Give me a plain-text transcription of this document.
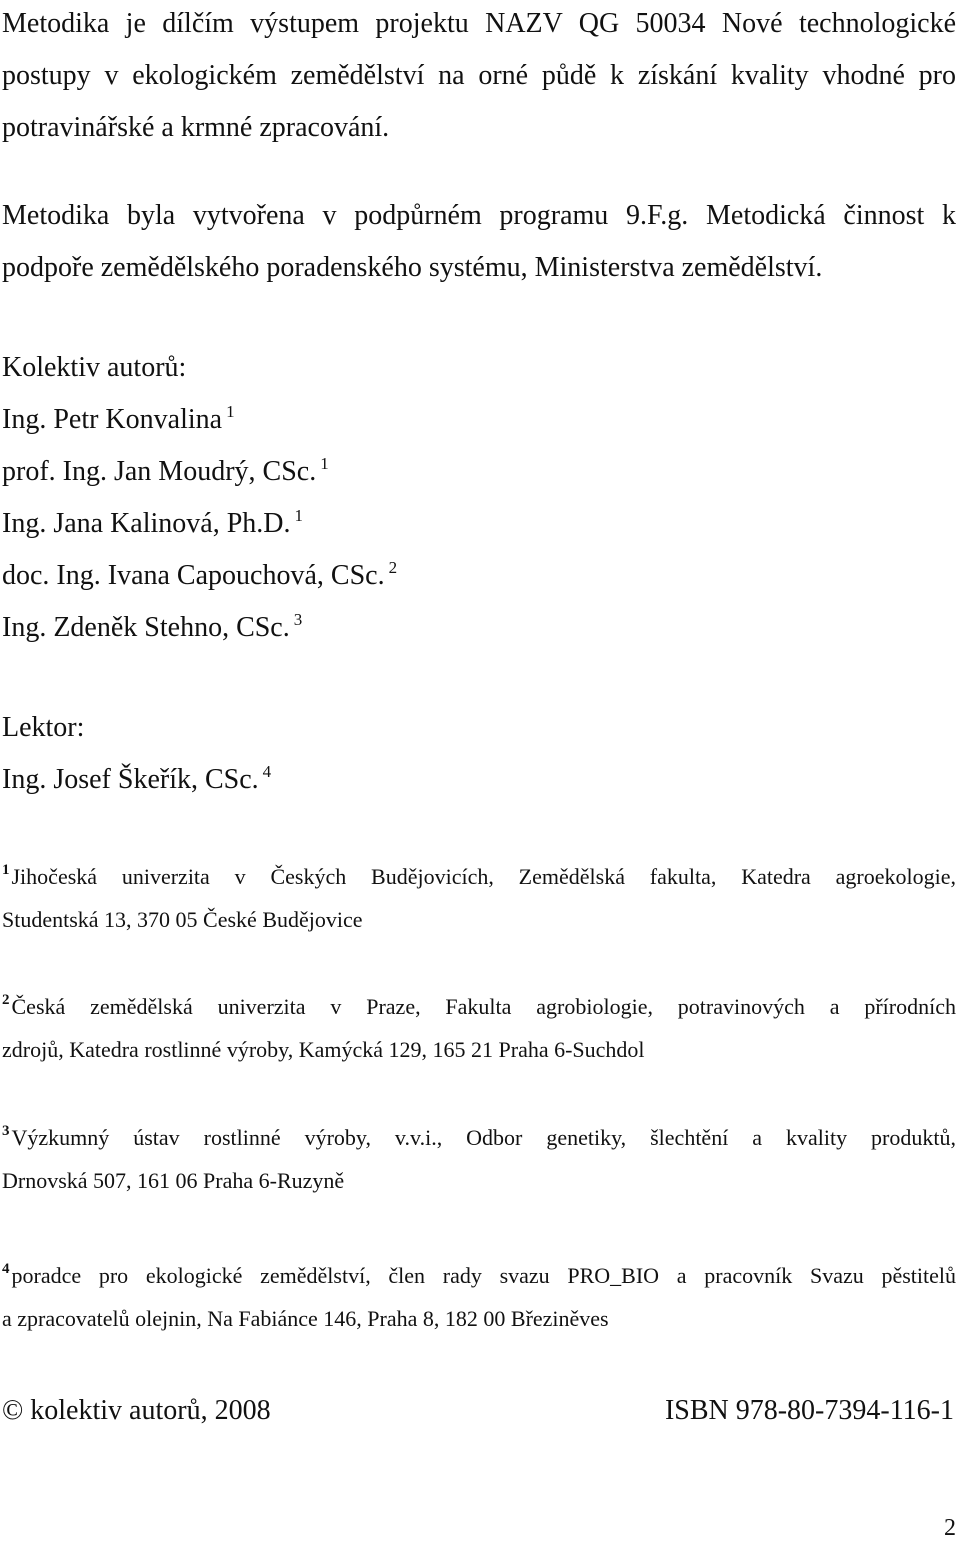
Metodika je dílčím výstupem projektu NAZV QG 50034 Nové technologické
postupy v ekologickém zemědělství na orné půdě k získání kvality vhodné pro
potravinářské a krmné zpracování.
Metodika byla vytvořena v podpůrném programu 9.F.g. Metodická činnost k
podpoře zemědělského poradenského systému, Ministerstva zemědělství.
Kolektiv autorů:
Ing. Petr Konvalina $^1$
prof. Ing. Jan Moudrý, CSc. $^1$
Ing. Jana Kalinová, Ph.D. $^1$
doc. Ing. Ivana Capouchová, CSc. $^2$
Ing. Zdeněk Stehno, CSc. $^3$
Lektor:
Ing. Josef Škeřík, CSc. $^4$
$^1$Jihočeská univerzita v Českých Budějovicích, Zemědělská fakulta, Katedra agroekologie,
Studentská 13, 370 05 České Budějovice
$^2$Česká zemědělská univerzita v Praze, Fakulta agrobiologie, potravinových a přírodních
zdrojů, Katedra rostlinné výroby, Kamýcká 129, 165 21 Praha 6-Suchdol
$^3$Výzkumný ústav rostlinné výroby, v.v.i., Odbor genetiky, šlechtění a kvality produktů,
Drnovská 507, 161 06 Praha 6-Ruzyně
$^4$poradce pro ekologické zemědělství, člen rady svazu PRO_BIO a pracovník Svazu pěstitelů
a zpracovatelů olejnin, Na Fabiánce 146, Praha 8, 182 00 Březiněves
© kolektiv autorů, 2008	ISBN 978-80-7394-116-1
2
